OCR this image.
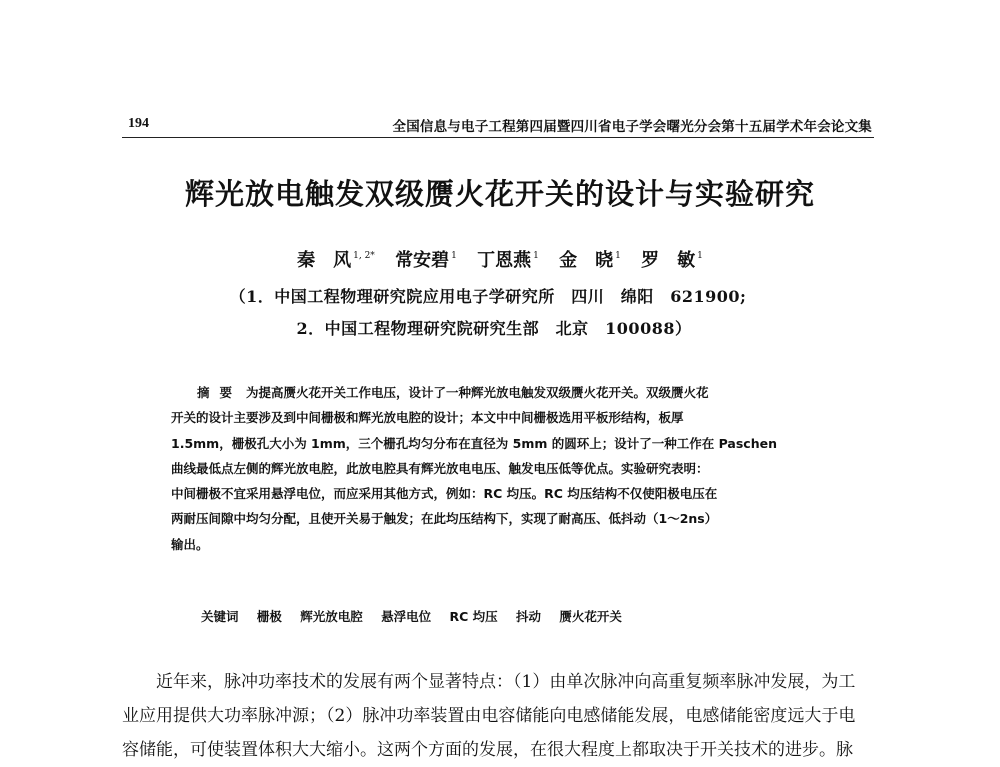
194	全国信息与电子工程第四届暨四川省电子学会曙光分会第十五届学术年会论文集
辉光放电触发双级赝火花开关的设计与实验研究
秦　风 $^{1, 2*}$ 常安碧 $^1$ 丁恩燕 $^1$ 金　晓 $^1$ 罗　敏 $^1$
（1．中国工程物理研究院应用电子学研究所　四川　绵阳　621900;
2．中国工程物理研究院研究生部　北京　100088）
摘要 为提高赝火花开关工作电压，设计了一种辉光放电触发双级赝火花开关。双级赝火花
开关的设计主要涉及到中间栅极和辉光放电腔的设计；本文中中间栅极选用平板形结构，板厚
1.5mm，栅极孔大小为 1mm，三个栅孔均匀分布在直径为 5mm 的圆环上；设计了一种工作在 Paschen
曲线最低点左侧的辉光放电腔，此放电腔具有辉光放电电压、触发电压低等优点。实验研究表明：
中间栅极不宜采用悬浮电位，而应采用其他方式，例如：RC 均压。RC 均压结构不仅使阳极电压在
两耐压间隙中均匀分配，且使开关易于触发；在此均压结构下，实现了耐高压、低抖动（1～2ns）
输出。
关键词 栅极 辉光放电腔 悬浮电位 RC 均压 抖动 赝火花开关
近年来，脉冲功率技术的发展有两个显著特点：（1）由单次脉冲向高重复频率脉冲发展，为工
业应用提供大功率脉冲源；（2）脉冲功率装置由电容储能向电感储能发展，电感储能密度远大于电
容储能，可使装置体积大大缩小。这两个方面的发展，在很大程度上都取决于开关技术的进步。脉
